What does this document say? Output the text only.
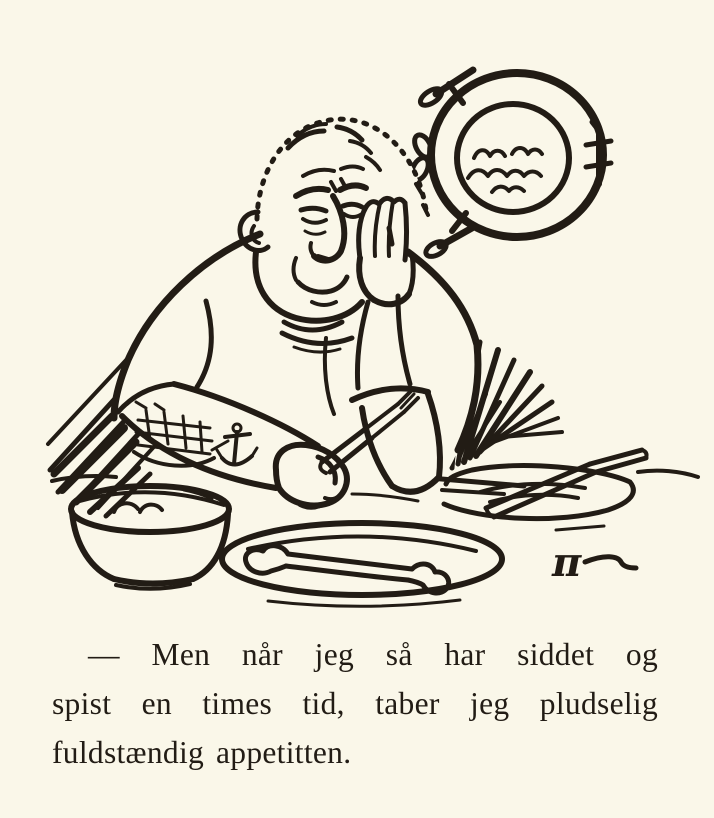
π
— Men når jeg så har siddet og
spist en times tid, taber jeg pludselig
fuldstændig appetitten.
